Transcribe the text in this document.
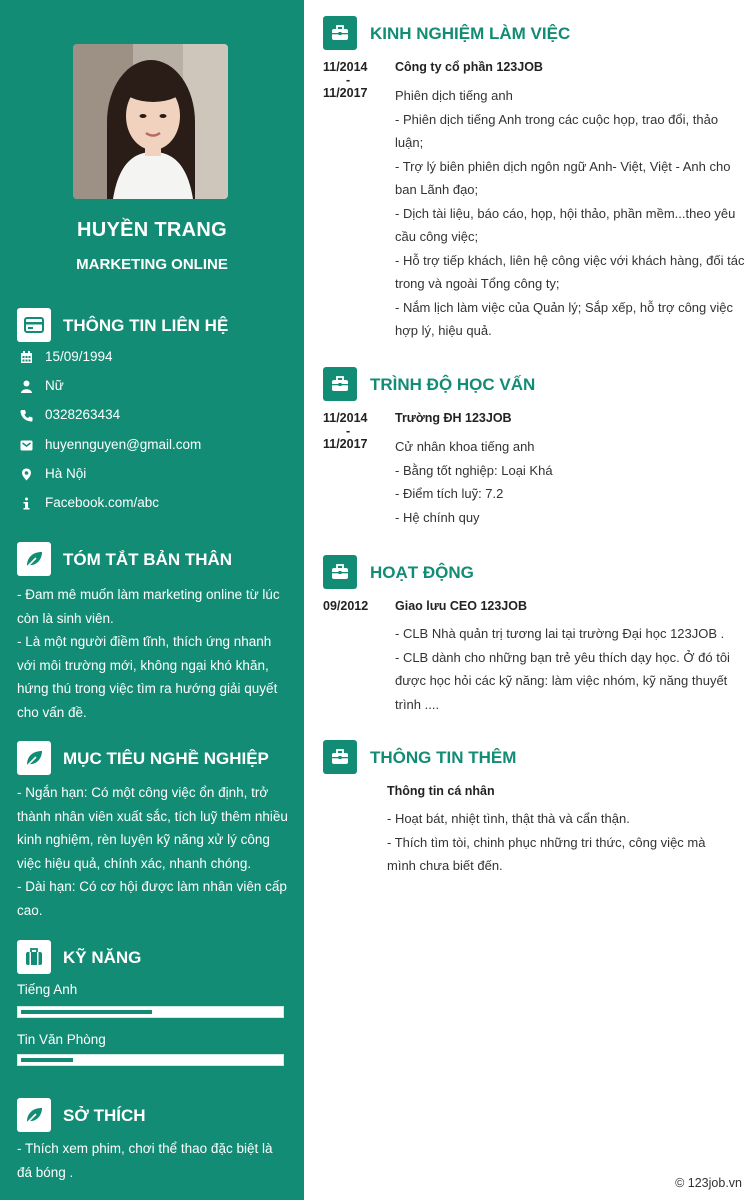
HUYỀN TRANG
MARKETING ONLINE
THÔNG TIN LIÊN HỆ
15/09/1994
Nữ
0328263434
huyennguyen@gmail.com
Hà Nội
Facebook.com/abc
TÓM TẮT BẢN THÂN
- Đam mê muốn làm marketing online từ lúc còn là sinh viên.
- Là một người điềm tĩnh, thích ứng nhanh với môi trường mới, không ngại khó khăn, hứng thú trong việc tìm ra hướng giải quyết cho vấn đề.
MỤC TIÊU NGHỀ NGHIỆP
- Ngắn hạn: Có một công việc ổn định, trở thành nhân viên xuất sắc, tích luỹ thêm nhiều kinh nghiệm, rèn luyện kỹ năng xử lý công việc hiệu quả, chính xác, nhanh chóng.
- Dài hạn: Có cơ hội được làm nhân viên cấp cao.
KỸ NĂNG
Tiếng Anh
Tin Văn Phòng
SỞ THÍCH
- Thích xem phim, chơi thể thao đặc biệt là đá bóng .
KINH NGHIỆM LÀM VIỆC
11/2014
-
11/2017
Công ty cổ phần 123JOB
Phiên dịch tiếng anh
- Phiên dịch tiếng Anh trong các cuộc họp, trao đổi, thảo luận;
- Trợ lý biên phiên dịch ngôn ngữ Anh- Việt, Việt - Anh cho ban Lãnh đạo;
- Dịch tài liệu, báo cáo, họp, hội thảo, phần mềm...theo yêu cầu công việc;
- Hỗ trợ tiếp khách, liên hệ công việc với khách hàng, đối tác trong và ngoài Tổng công ty;
- Nắm lịch làm việc của Quản lý; Sắp xếp, hỗ trợ công việc hợp lý, hiệu quả.
TRÌNH ĐỘ HỌC VẤN
11/2014
-
11/2017
Trường ĐH 123JOB
Cử nhân khoa tiếng anh
- Bằng tốt nghiệp: Loại Khá
- Điểm tích luỹ: 7.2
- Hệ chính quy
HOẠT ĐỘNG
09/2012 Giao lưu CEO 123JOB
- CLB Nhà quản trị tương lai tại trường Đại học 123JOB .
- CLB dành cho những bạn trẻ yêu thích dạy học. Ở đó tôi được học hỏi các kỹ năng: làm việc nhóm, kỹ năng thuyết trình ....
THÔNG TIN THÊM
Thông tin cá nhân
- Hoạt bát, nhiệt tình, thật thà và cẩn thận.
- Thích tìm tòi, chinh phục những tri thức, công việc mà mình chưa biết đến.
© 123job.vn
